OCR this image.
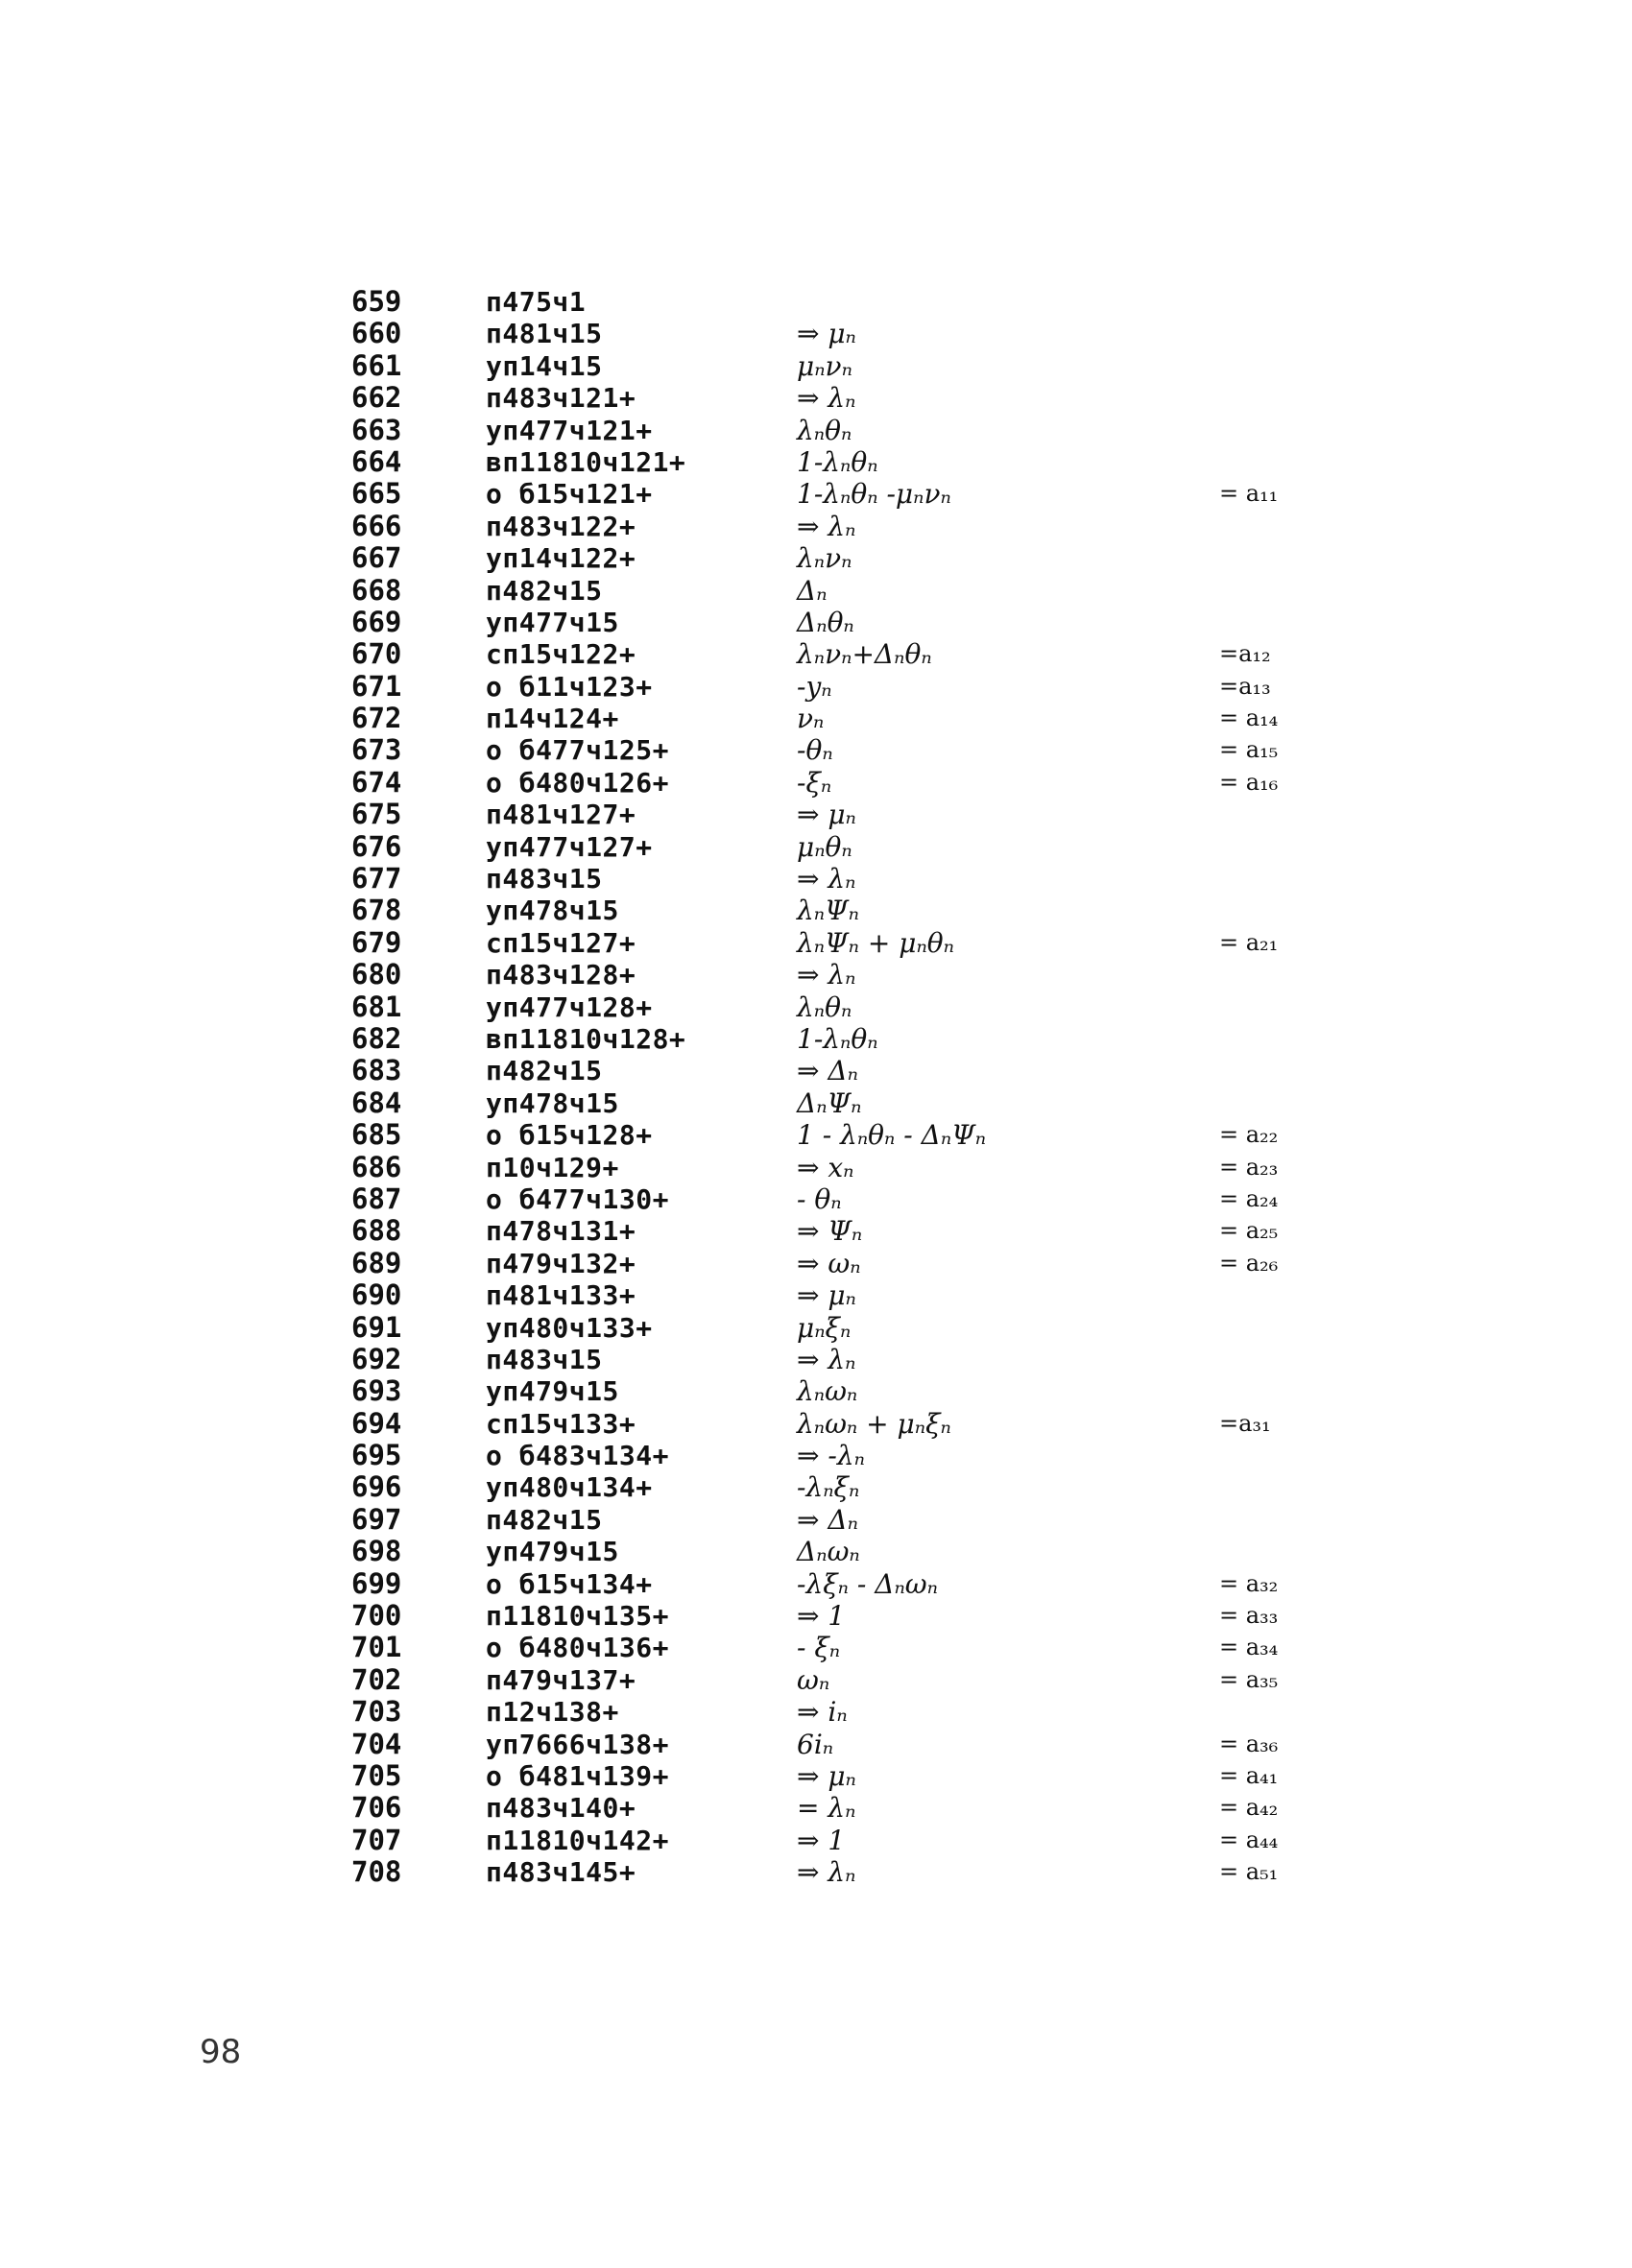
659	п475ч1
660	п481ч15	⇒ μₙ
661	уп14ч15	μₙνₙ
662	п483ч121+	⇒ λₙ
663	уп477ч121+	λₙθₙ
664	вп11810ч121+	1-λₙθₙ
665	о б15ч121+	1-λₙθₙ -μₙνₙ	= a₁₁
666	п483ч122+	⇒ λₙ
667	уп14ч122+	λₙνₙ
668	п482ч15	Δₙ
669	уп477ч15	Δₙθₙ
670	сп15ч122+	λₙνₙ+Δₙθₙ	=a₁₂
671	о б11ч123+	-yₙ	=a₁₃
672	п14ч124+	νₙ	= a₁₄
673	о б477ч125+	-θₙ	= a₁₅
674	о б480ч126+	-ξₙ	= a₁₆
675	п481ч127+	⇒ μₙ
676	уп477ч127+	μₙθₙ
677	п483ч15	⇒ λₙ
678	уп478ч15	λₙΨₙ
679	сп15ч127+	λₙΨₙ + μₙθₙ	= a₂₁
680	п483ч128+	⇒ λₙ
681	уп477ч128+	λₙθₙ
682	вп11810ч128+	1-λₙθₙ
683	п482ч15	⇒ Δₙ
684	уп478ч15	ΔₙΨₙ
685	о б15ч128+	1 - λₙθₙ - ΔₙΨₙ	= a₂₂
686	п10ч129+	⇒ xₙ	= a₂₃
687	о б477ч130+	- θₙ	= a₂₄
688	п478ч131+	⇒ Ψₙ	= a₂₅
689	п479ч132+	⇒ ωₙ	= a₂₆
690	п481ч133+	⇒ μₙ
691	уп480ч133+	μₙξₙ
692	п483ч15	⇒ λₙ
693	уп479ч15	λₙωₙ
694	сп15ч133+	λₙωₙ + μₙξₙ	=a₃₁
695	о б483ч134+	⇒ -λₙ
696	уп480ч134+	-λₙξₙ
697	п482ч15	⇒ Δₙ
698	уп479ч15	Δₙωₙ
699	о б15ч134+	-λξₙ - Δₙωₙ	= a₃₂
700	п11810ч135+	⇒ 1	= a₃₃
701	о б480ч136+	- ξₙ	= a₃₄
702	п479ч137+	ωₙ	= a₃₅
703	п12ч138+	⇒ iₙ
704	уп7666ч138+	6iₙ	= a₃₆
705	о б481ч139+	⇒ μₙ	= a₄₁
706	п483ч140+	= λₙ	= a₄₂
707	п11810ч142+	⇒ 1	= a₄₄
708	п483ч145+	⇒ λₙ	= a₅₁
98
